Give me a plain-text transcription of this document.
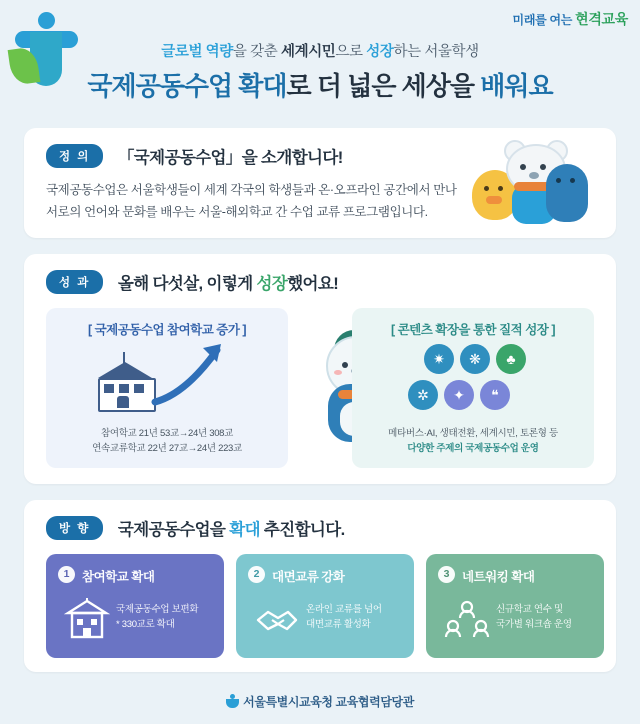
미래를 여는 현격교육
글로벌 역량을 갖춘 세계시민으로 성장하는 서울학생
국제공동수업 확대로 더 넓은 세상을 배워요
정 의 「국제공동수업」을 소개합니다!
국제공동수업은 서울학생들이 세계 각국의 학생들과 온·오프라인 공간에서 만나
서로의 언어와 문화를 배우는 서울-해외학교 간 수업 교류 프로그램입니다.
성 과 올해 다섯살, 이렇게 성장했어요!
[ 국제공동수업 참여학교 증가 ]
참여학교 21년 53교→24년 308교
연속교류학교 22년 27교→24년 223교
[ 콘텐츠 확장을 통한 질적 성장 ]
✷	❋	♣
✲	✦	❝
메타버스·AI, 생태전환, 세계시민, 토론형 등
다양한 주제의 국제공동수업 운영
방 향 국제공동수업을 확대 추진합니다.
1	참여학교 확대
국제공동수업 보편화
* 330교로 확대
2	대면교류 강화
온라인 교류를 넘어
대면교류 활성화
3	네트워킹 확대
신규학교 연수 및
국가별 워크숍 운영
서울특별시교육청 교육협력담당관
